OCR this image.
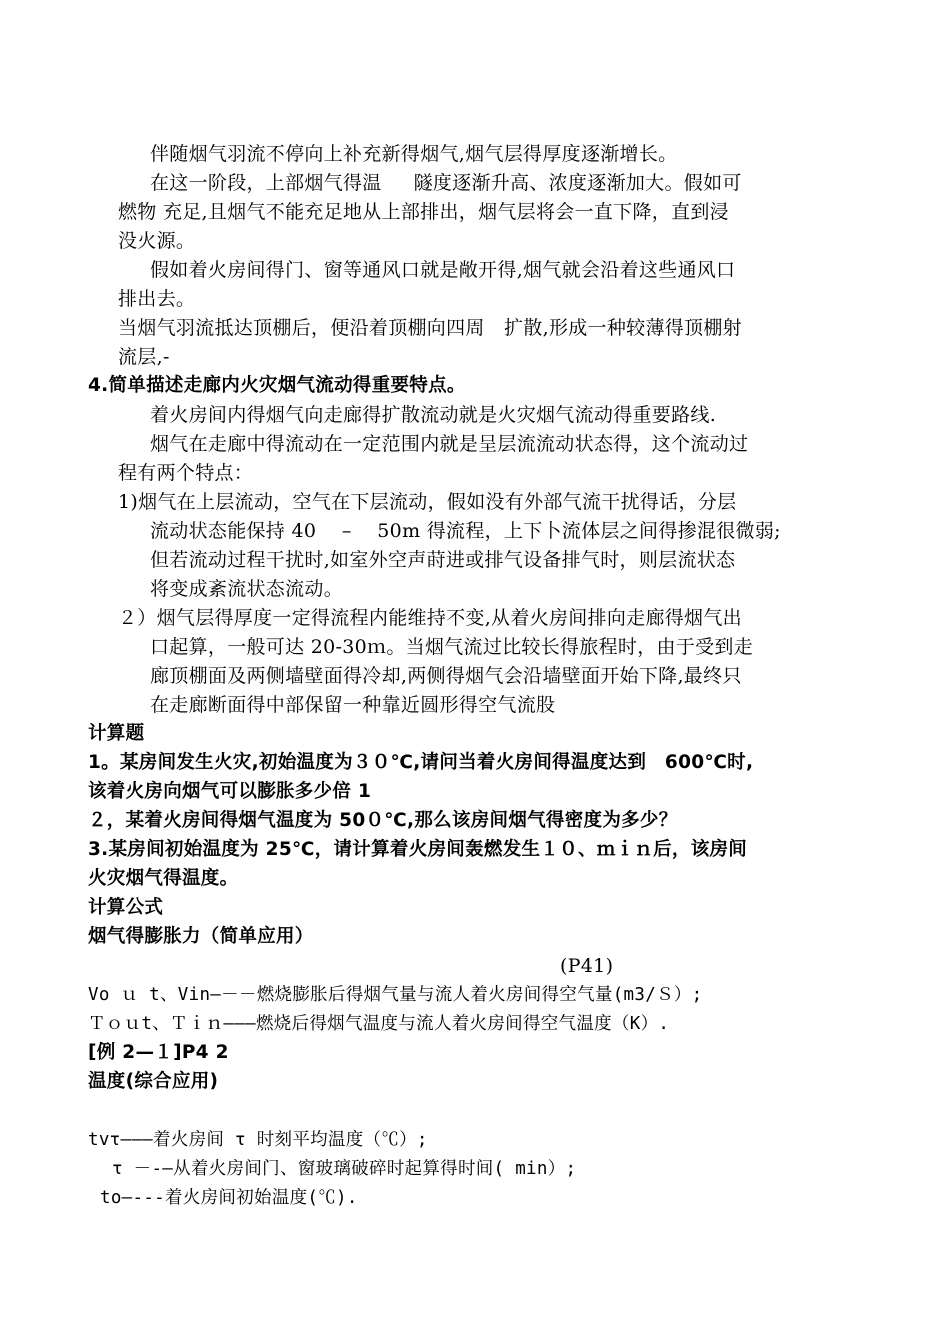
伴随烟气羽流不停向上补充新得烟气,烟气层得厚度逐渐增长。
在这一阶段，上部烟气得温 　 隧度逐渐升高、浓度逐渐加大。假如可
燃物 充足,且烟气不能充足地从上部排出，烟气层将会一直下降，直到浸
没火源。
假如着火房间得门、窗等通风口就是敞开得,烟气就会沿着这些通风口
排出去。
当烟气羽流抵达顶棚后，便沿着顶棚向四周　扩散,形成一种较薄得顶棚射
流层,-
4.简单描述走廊内火灾烟气流动得重要特点。
着火房间内得烟气向走廊得扩散流动就是火灾烟气流动得重要路线.
烟气在走廊中得流动在一定范围内就是呈层流流动状态得，这个流动过
程有两个特点：
1)烟气在上层流动，空气在下层流动，假如没有外部气流干扰得话，分层
流动状态能保持 40　 – 　50m 得流程，上下卜流体层之间得掺混很微弱;
但若流动过程干扰时,如室外空声莳进或排气设备排气时，则层流状态
将变成紊流状态流动。
２）烟气层得厚度一定得流程内能维持不变,从着火房间排向走廊得烟气出
口起算，一般可达 20-30ｍ。当烟气流过比较长得旅程时，由于受到走
廊顶棚面及两侧墙壁面得冷却,两侧得烟气会沿墙壁面开始下降,最终只
在走廊断面得中部保留一种靠近圆形得空气流股
计算题
1。某房间发生火灾,初始温度为３０℃,请问当着火房间得温度达到　600℃时,
该着火房向烟气可以膨胀多少倍 1
２，某着火房间得烟气温度为 50０℃,那么该房间烟气得密度为多少？
3.某房间初始温度为 25℃，请计算着火房间轰燃发生１０、ｍｉｎ后，该房间
火灾烟气得温度。
计算公式
烟气得膨胀力（简单应用）
(P41)
Vo ｕ t、Vin—－－燃烧膨胀后得烟气量与流人着火房间得空气量(m3/Ｓ）;
Ｔｏｕt、Ｔｉｎ———燃烧后得烟气温度与流人着火房间得空气温度（K）.
[例 2—１]P4 2
温度(综合应用)
tvτ———着火房间 τ 时刻平均温度（℃）;
τ －-—从着火房间门、窗玻璃破碎时起算得时间( min）;
to—---着火房间初始温度(℃).
